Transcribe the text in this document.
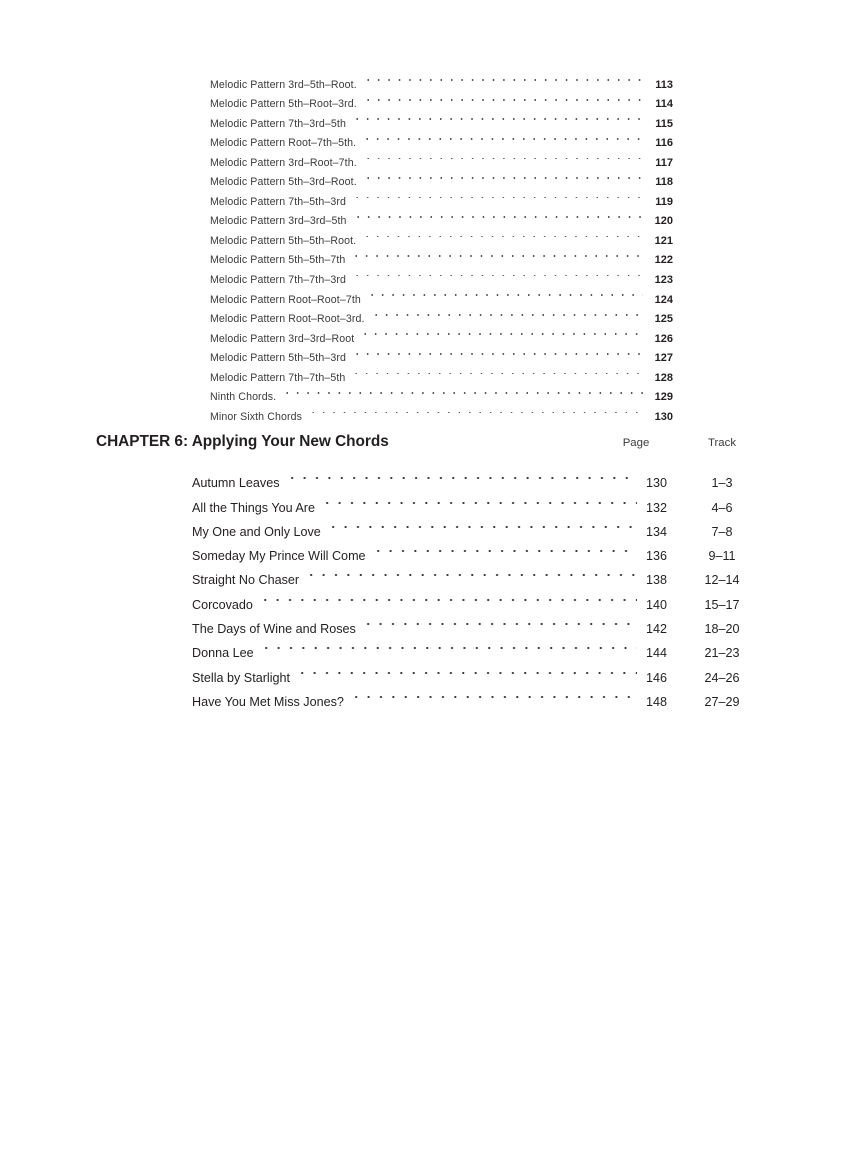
Melodic Pattern 3rd–5th–Root.	113
Melodic Pattern 5th–Root–3rd.	114
Melodic Pattern 7th–3rd–5th	115
Melodic Pattern Root–7th–5th.	116
Melodic Pattern 3rd–Root–7th.	117
Melodic Pattern 5th–3rd–Root.	118
Melodic Pattern 7th–5th–3rd	119
Melodic Pattern 3rd–3rd–5th	120
Melodic Pattern 5th–5th–Root.	121
Melodic Pattern 5th–5th–7th	122
Melodic Pattern 7th–7th–3rd	123
Melodic Pattern Root–Root–7th	124
Melodic Pattern Root–Root–3rd.	125
Melodic Pattern 3rd–3rd–Root	126
Melodic Pattern 5th–5th–3rd	127
Melodic Pattern 7th–7th–5th	128
Ninth Chords.	129
Minor Sixth Chords	130
CHAPTER 6: Applying Your New Chords	Page	Track
Autumn Leaves	130	1–3
All the Things You Are	132	4–6
My One and Only Love	134	7–8
Someday My Prince Will Come	136	9–11
Straight No Chaser	138	12–14
Corcovado	140	15–17
The Days of Wine and Roses	142	18–20
Donna Lee	144	21–23
Stella by Starlight	146	24–26
Have You Met Miss Jones?	148	27–29
